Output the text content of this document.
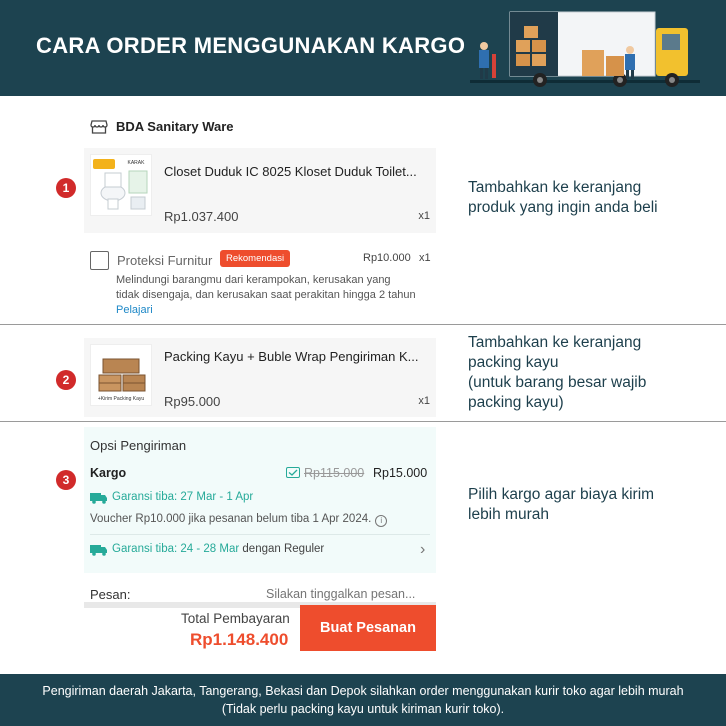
CARA ORDER MENGGUNAKAN KARGO
BDA Sanitary Ware
1
KARAK
Closet Duduk IC 8025 Kloset Duduk Toilet...
Rp1.037.400	x1
Proteksi Furnitur	Rekomendasi	Rp10.000 x1
Melindungi barangmu dari kerampokan, kerusakan yang tidak disengaja, dan kerusakan saat perakitan hingga 2 tahun Pelajari
Tambahkan ke keranjang
produk yang ingin anda beli
2
+Kirim Packing Kayu
Packing Kayu + Buble Wrap Pengiriman K...
Rp95.000	x1
Tambahkan ke keranjang
packing kayu
(untuk barang besar wajib
packing kayu)
3
Opsi Pengiriman
Kargo	Rp115.000 Rp15.000
Garansi tiba: 27 Mar - 1 Apr
Voucher Rp10.000 jika pesanan belum tiba 1 Apr 2024. i
Garansi tiba: 24 - 28 Mar dengan Reguler	›
Pilih kargo agar biaya kirim
lebih murah
Pesan:
Silakan tinggalkan pesan...
Total Pembayaran
Rp1.148.400
Buat Pesanan
Pengiriman daerah Jakarta, Tangerang, Bekasi dan Depok silahkan order menggunakan kurir toko agar lebih murah
(Tidak perlu packing kayu untuk kiriman kurir toko).
